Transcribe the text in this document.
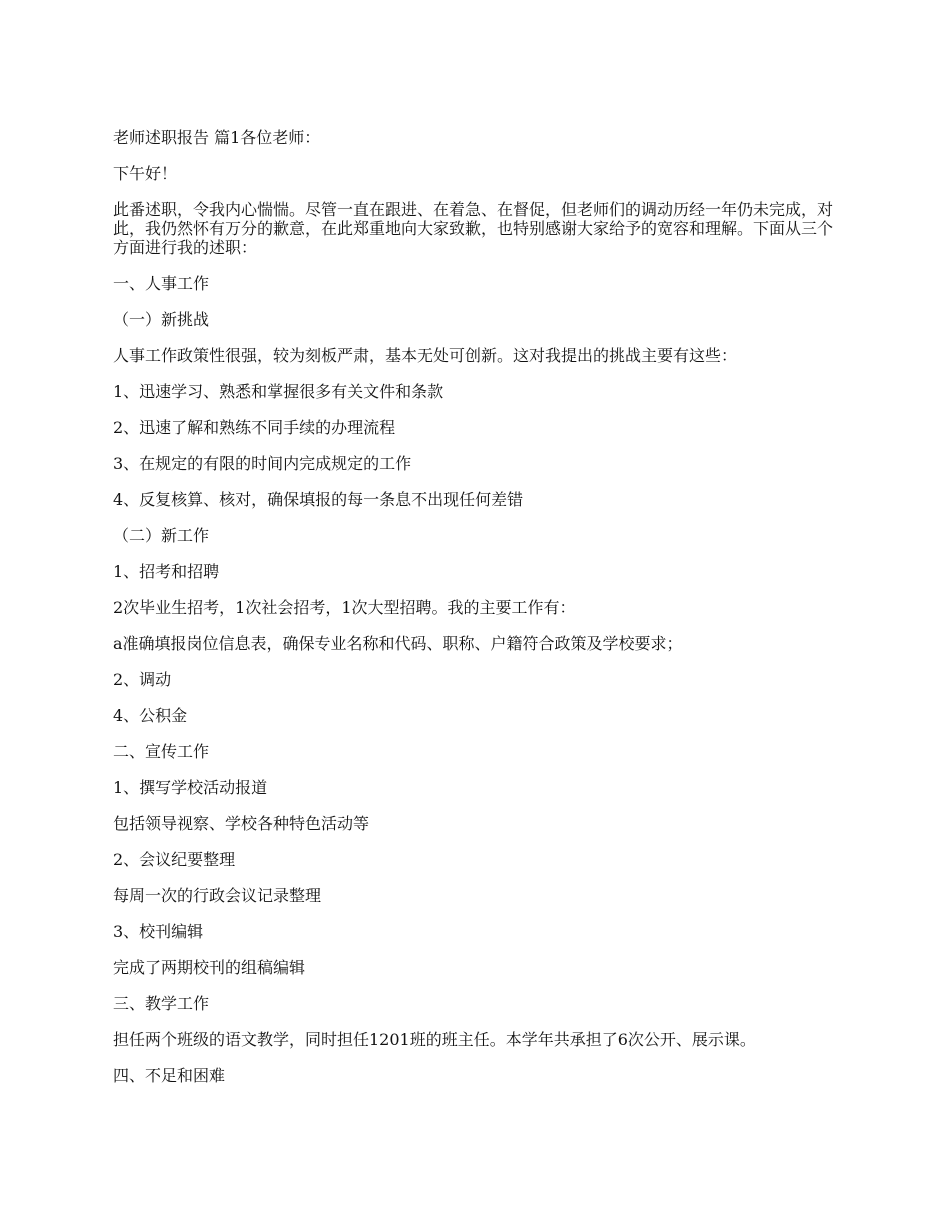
老师述职报告 篇1各位老师：

下午好！

此番述职，令我内心惴惴。尽管一直在跟进、在着急、在督促，但老师们的调动历经一年仍未完成，对此，我仍然怀有万分的歉意，在此郑重地向大家致歉，也特别感谢大家给予的宽容和理解。下面从三个方面进行我的述职：

一、人事工作

（一）新挑战

人事工作政策性很强，较为刻板严肃，基本无处可创新。这对我提出的挑战主要有这些：

1、迅速学习、熟悉和掌握很多有关文件和条款

2、迅速了解和熟练不同手续的办理流程

3、在规定的有限的时间内完成规定的工作

4、反复核算、核对，确保填报的每一条息不出现任何差错

（二）新工作

1、招考和招聘

2次毕业生招考，1次社会招考，1次大型招聘。我的主要工作有：

a准确填报岗位信息表，确保专业名称和代码、职称、户籍符合政策及学校要求；

2、调动

4、公积金

二、宣传工作

1、撰写学校活动报道

包括领导视察、学校各种特色活动等

2、会议纪要整理

每周一次的行政会议记录整理

3、校刊编辑

完成了两期校刊的组稿编辑

三、教学工作

担任两个班级的语文教学，同时担任1201班的班主任。本学年共承担了6次公开、展示课。

四、不足和困难
